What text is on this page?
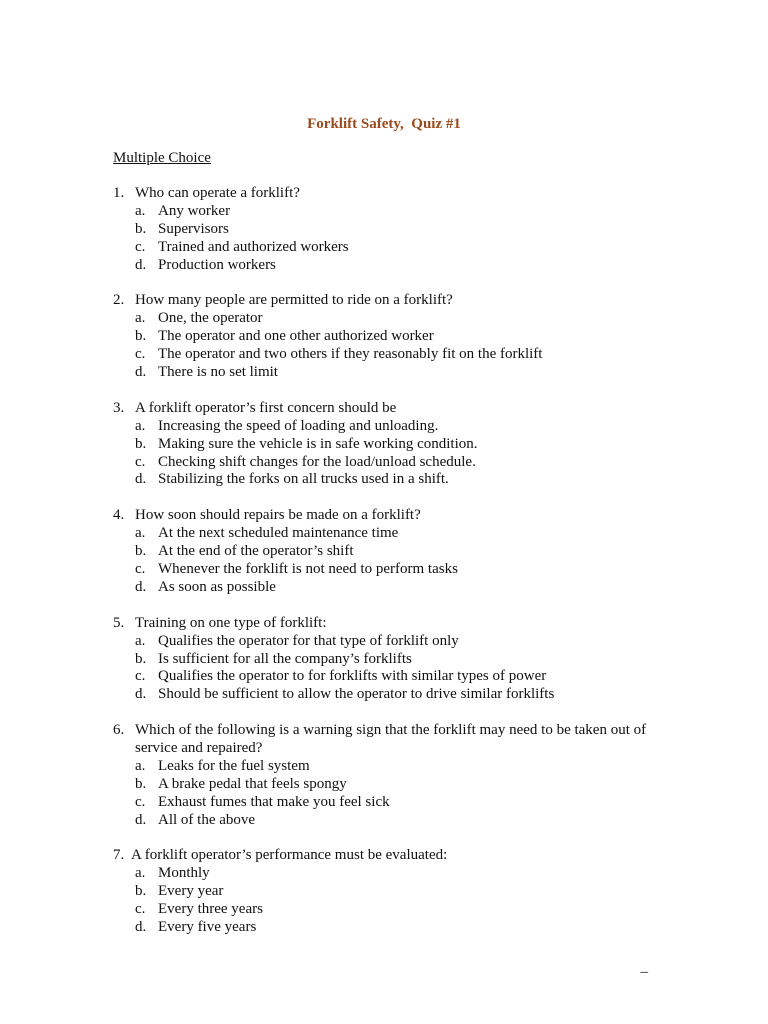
Forklift Safety,  Quiz #1
Multiple Choice
1. Who can operate a forklift?
a. Any worker
b. Supervisors
c. Trained and authorized workers
d. Production workers
2. How many people are permitted to ride on a forklift?
a. One, the operator
b. The operator and one other authorized worker
c. The operator and two others if they reasonably fit on the forklift
d. There is no set limit
3. A forklift operator’s first concern should be
a. Increasing the speed of loading and unloading.
b. Making sure the vehicle is in safe working condition.
c. Checking shift changes for the load/unload schedule.
d. Stabilizing the forks on all trucks used in a shift.
4. How soon should repairs be made on a forklift?
a. At the next scheduled maintenance time
b. At the end of the operator’s shift
c. Whenever the forklift is not need to perform tasks
d. As soon as possible
5. Training on one type of forklift:
a. Qualifies the operator for that type of forklift only
b. Is sufficient for all the company’s forklifts
c. Qualifies the operator to for forklifts with similar types of power
d. Should be sufficient to allow the operator to drive similar forklifts
6. Which of the following is a warning sign that the forklift may need to be taken out of service and repaired?
a. Leaks for the fuel system
b. A brake pedal that feels spongy
c. Exhaust fumes that make you feel sick
d. All of the above
7. A forklift operator’s performance must be evaluated:
a. Monthly
b. Every year
c. Every three years
d. Every five years
–
